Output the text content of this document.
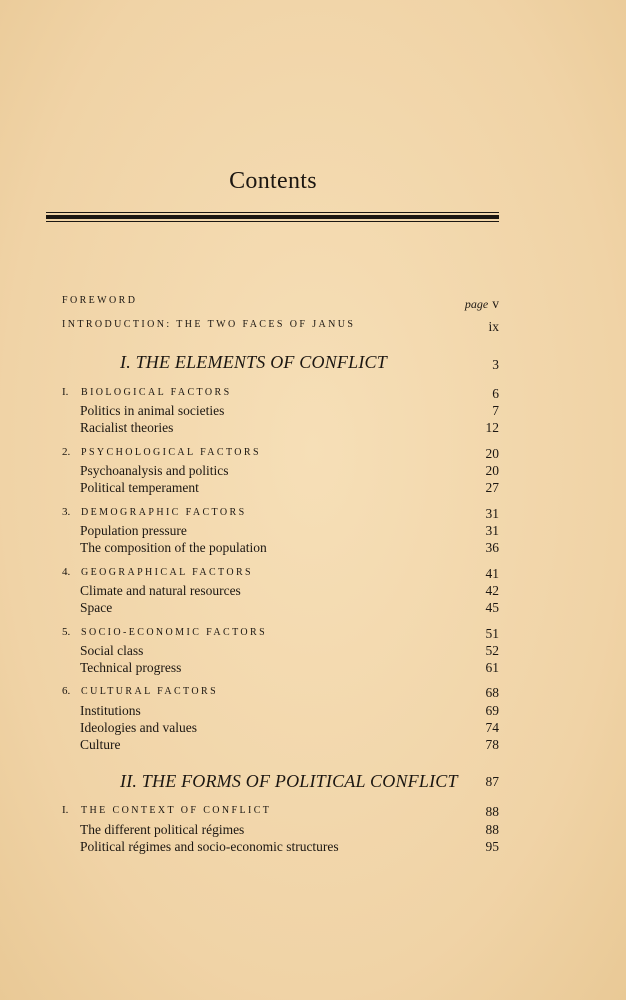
Contents
FOREWORD	page v
INTRODUCTION: THE TWO FACES OF JANUS	ix
I. THE ELEMENTS OF CONFLICT	3
I. BIOLOGICAL FACTORS	6
Politics in animal societies	7
Racialist theories	12
2. PSYCHOLOGICAL FACTORS	20
Psychoanalysis and politics	20
Political temperament	27
3. DEMOGRAPHIC FACTORS	31
Population pressure	31
The composition of the population	36
4. GEOGRAPHICAL FACTORS	41
Climate and natural resources	42
Space	45
5. SOCIO-ECONOMIC FACTORS	51
Social class	52
Technical progress	61
6. CULTURAL FACTORS	68
Institutions	69
Ideologies and values	74
Culture	78
II. THE FORMS OF POLITICAL CONFLICT 87
I. THE CONTEXT OF CONFLICT	88
The different political régimes	88
Political régimes and socio-economic structures	95
